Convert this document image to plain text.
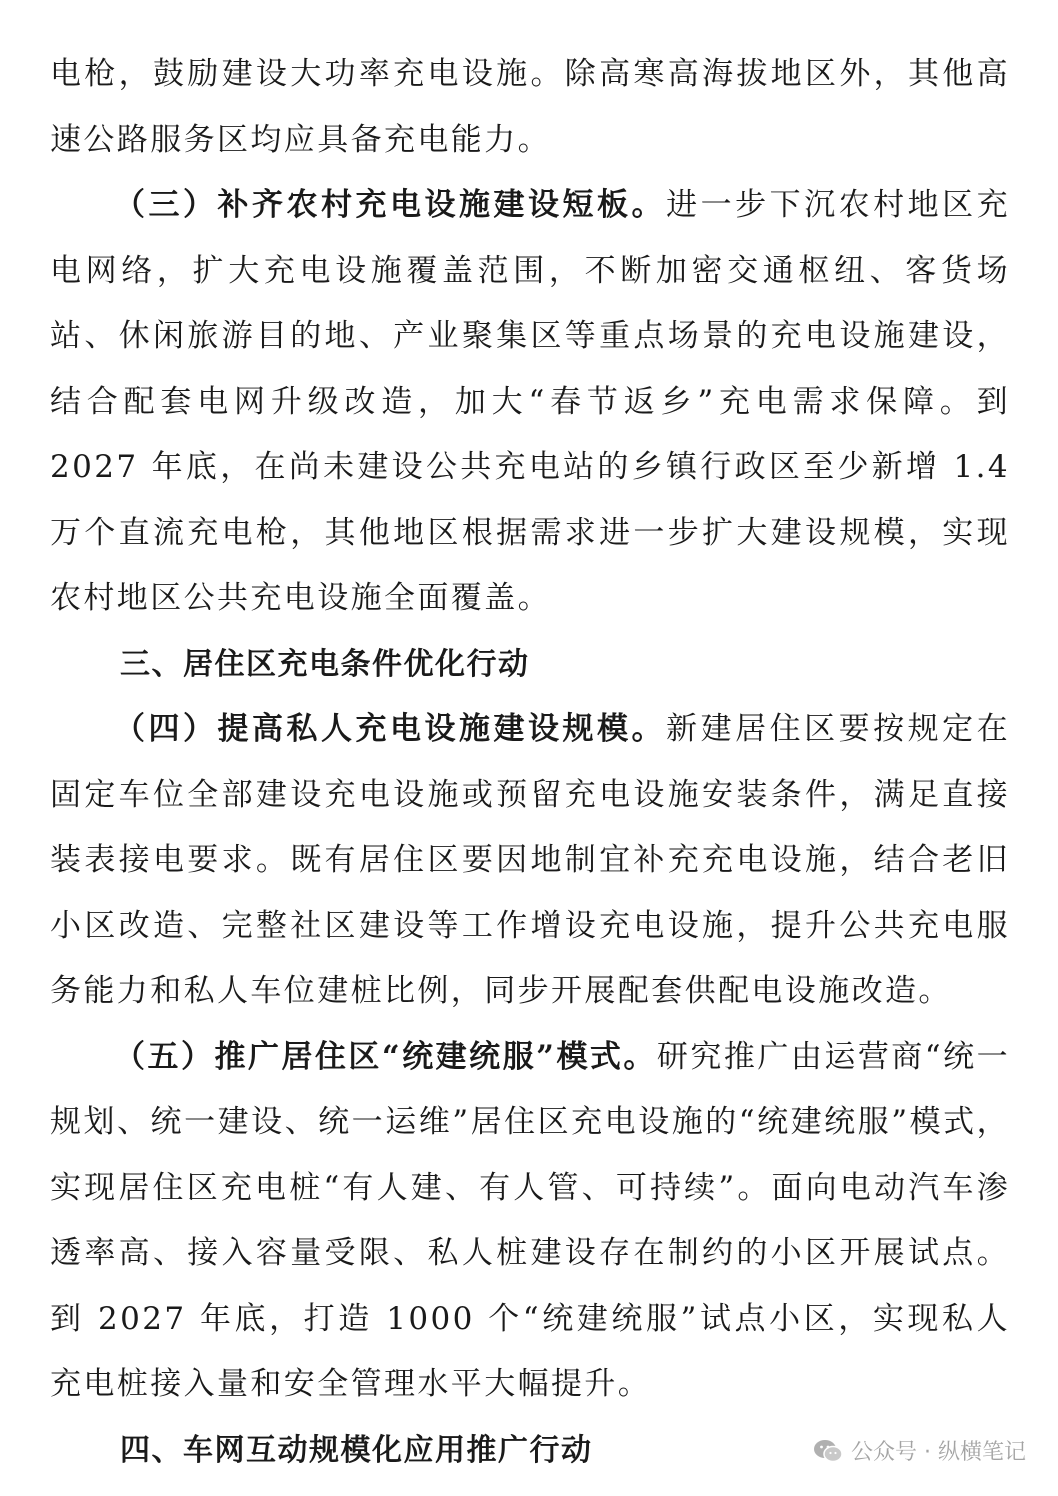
电枪，鼓励建设大功率充电设施。除高寒高海拔地区外，其他高速公路服务区均应具备充电能力。

（三）补齐农村充电设施建设短板。进一步下沉农村地区充电网络，扩大充电设施覆盖范围，不断加密交通枢纽、客货场站、休闲旅游目的地、产业聚集区等重点场景的充电设施建设，结合配套电网升级改造，加大“春节返乡”充电需求保障。到 2027 年底，在尚未建设公共充电站的乡镇行政区至少新增 1.4 万个直流充电枪，其他地区根据需求进一步扩大建设规模，实现农村地区公共充电设施全面覆盖。

三、居住区充电条件优化行动

（四）提高私人充电设施建设规模。新建居住区要按规定在固定车位全部建设充电设施或预留充电设施安装条件，满足直接装表接电要求。既有居住区要因地制宜补充充电设施，结合老旧小区改造、完整社区建设等工作增设充电设施，提升公共充电服务能力和私人车位建桩比例，同步开展配套供配电设施改造。

（五）推广居住区“统建统服”模式。研究推广由运营商“统一规划、统一建设、统一运维”居住区充电设施的“统建统服”模式，实现居住区充电桩“有人建、有人管、可持续”。面向电动汽车渗透率高、接入容量受限、私人桩建设存在制约的小区开展试点。到 2027 年底，打造 1000 个“统建统服”试点小区，实现私人充电桩接入量和安全管理水平大幅提升。

四、车网互动规模化应用推广行动	公众号 · 纵横笔记
